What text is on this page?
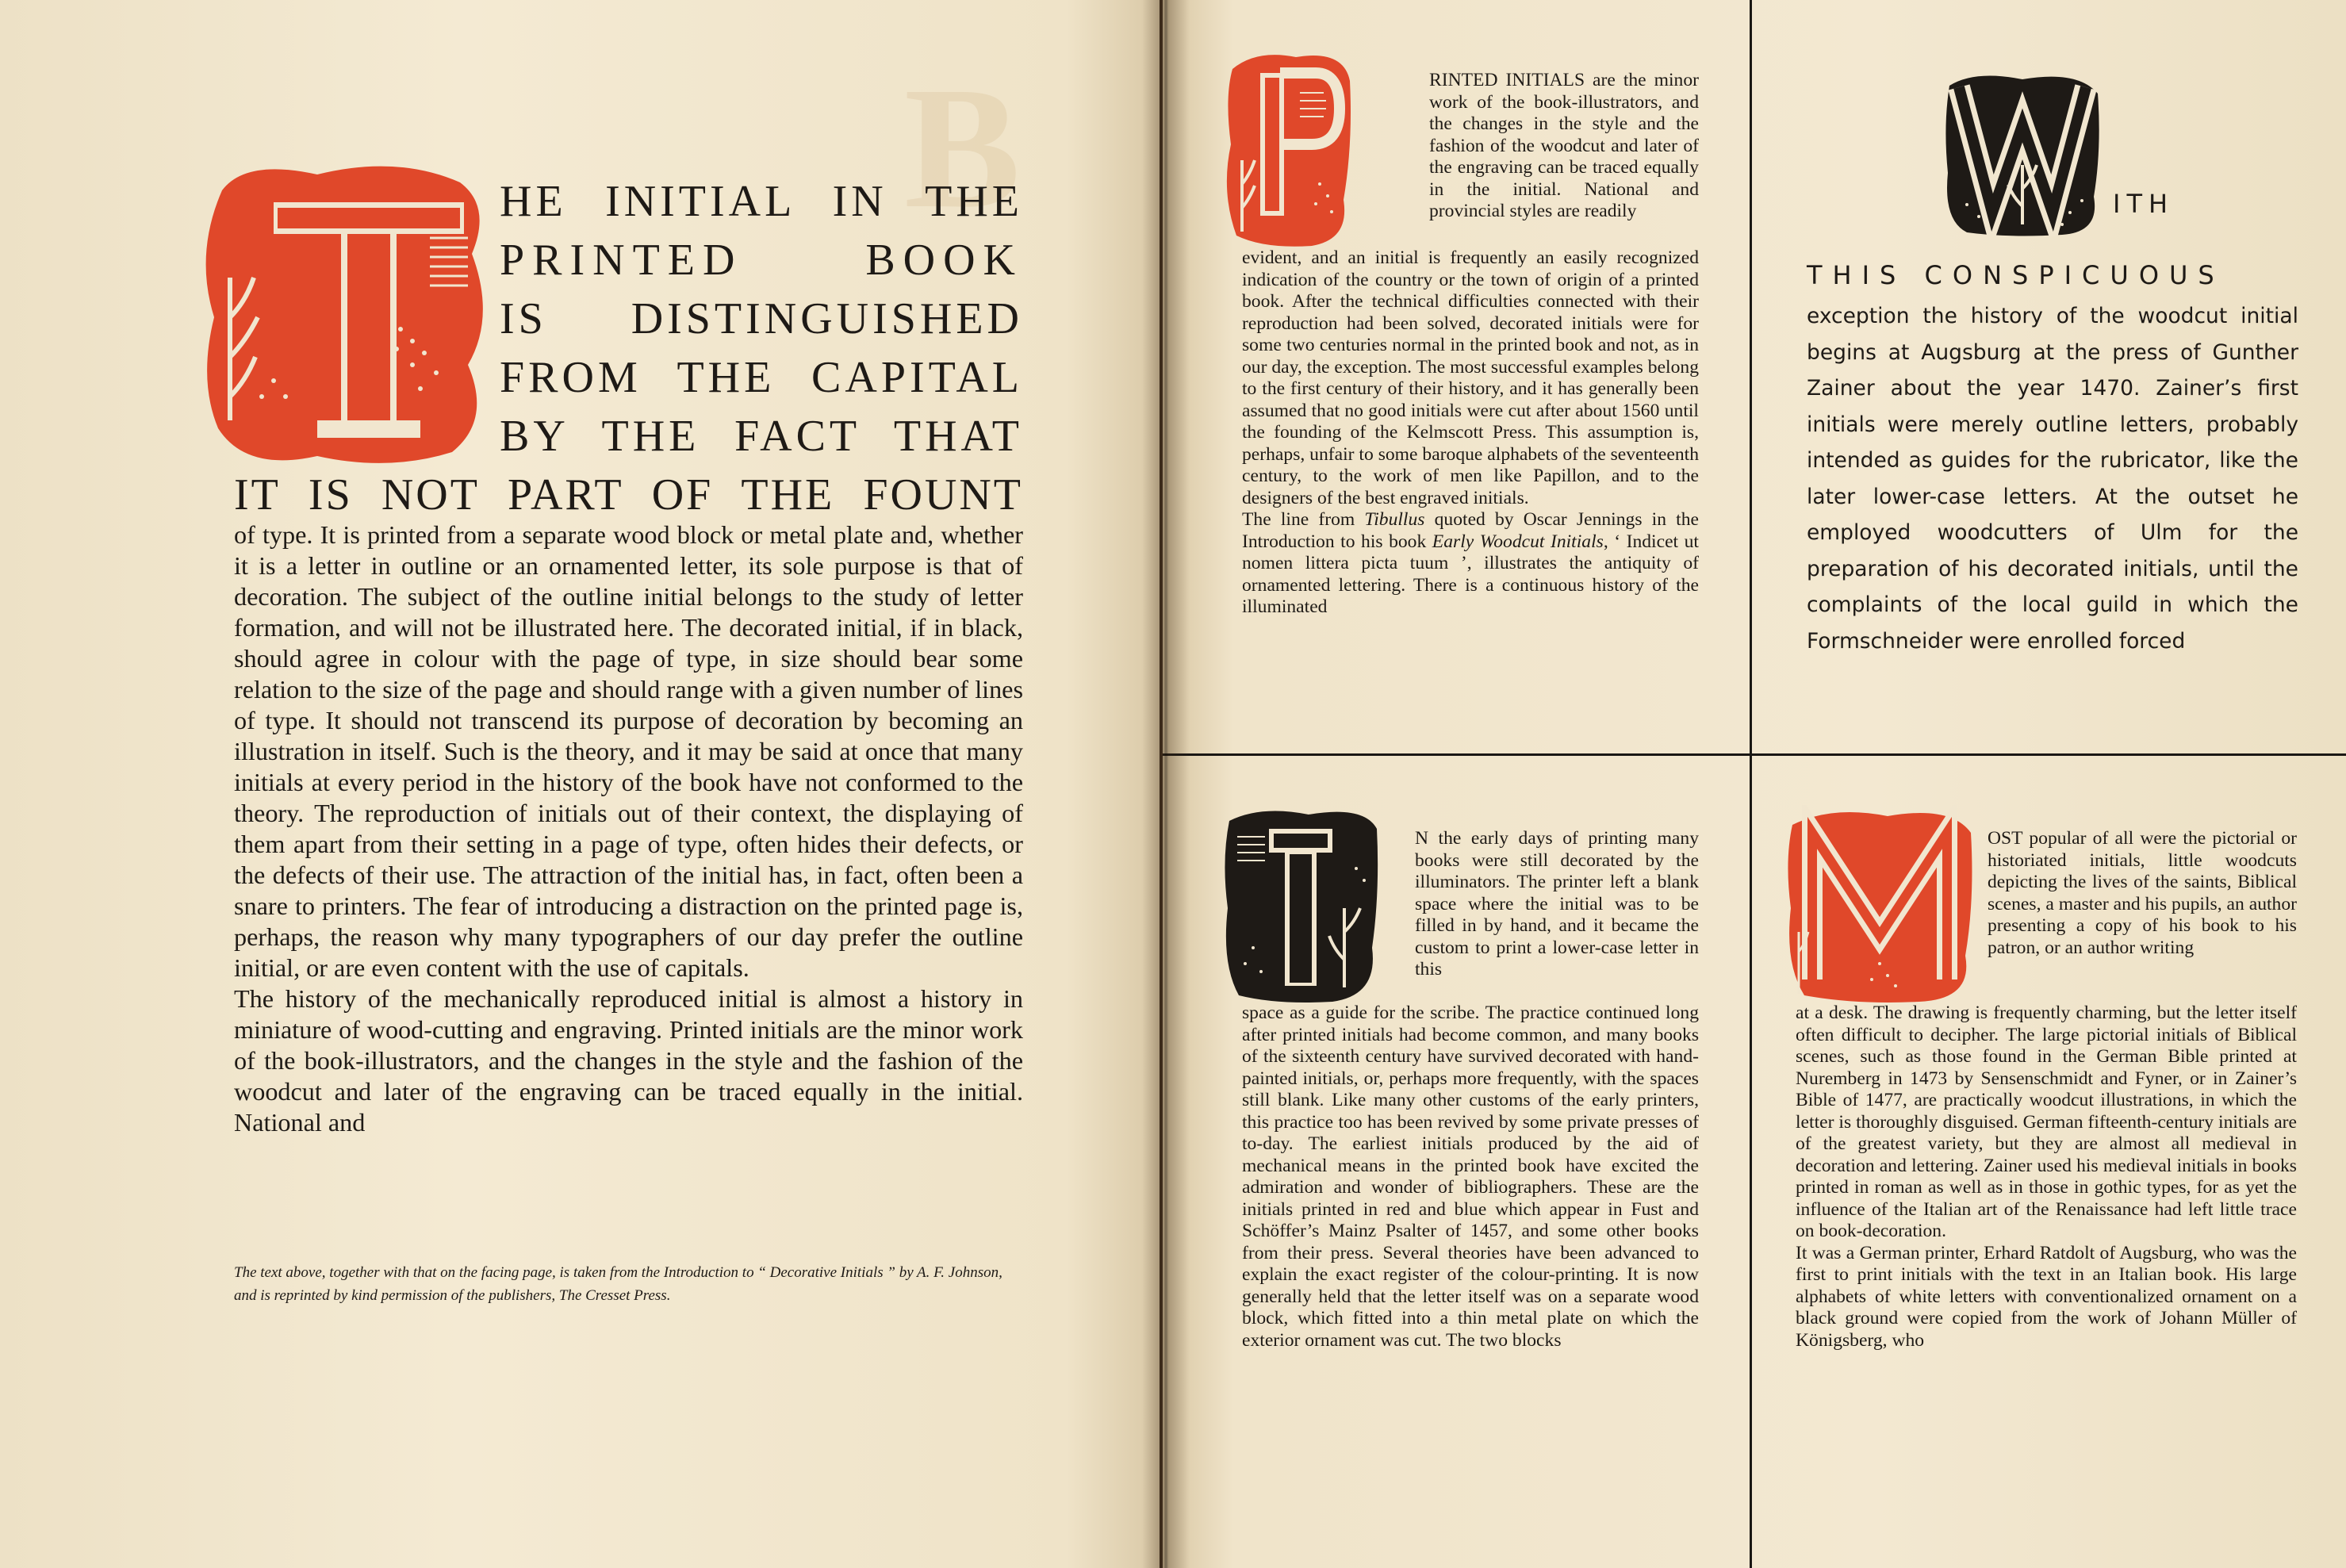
B
HE INITIAL IN THE
PRINTED BOOK
IS DISTINGUISHED
FROM THE CAPITAL
BY THE FACT THAT
IT IS NOT PART OF THE FOUNT

of type. It is printed from a separate wood block or metal plate and, whether it is a letter in outline or an ornamented letter, its sole purpose is that of decoration. The subject of the outline initial belongs to the study of letter formation, and will not be illustrated here. The decorated initial, if in black, should agree in colour with the page of type, in size should bear some relation to the size of the page and should range with a given number of lines of type. It should not transcend its purpose of decoration by becoming an illustration in itself. Such is the theory, and it may be said at once that many initials at every period in the history of the book have not conformed to the theory. The reproduction of initials out of their context, the displaying of them apart from their setting in a page of type, often hides their defects, or the defects of their use. The attraction of the initial has, in fact, often been a snare to printers. The fear of introducing a distraction on the printed page is, perhaps, the reason why many typographers of our day prefer the outline initial, or are even content with the use of capitals.

The history of the mechanically reproduced initial is almost a history in miniature of wood-cutting and engraving. Printed initials are the minor work of the book-illustrators, and the changes in the style and the fashion of the woodcut and later of the engraving can be traced equally in the initial. National and

The text above, together with that on the facing page, is taken from the Introduction to “ Decorative Initials ” by A. F. Johnson, and is reprinted by kind permission of the publishers, The Cresset Press.

RINTED INITIALS are the minor work of the book-illustrators, and the changes in the style and the fashion of the woodcut and later of the engraving can be traced equally in the initial. National and provincial styles are readily

evident, and an initial is frequently an easily recognized indication of the country or the town of origin of a printed book. After the technical difficulties connected with their reproduction had been solved, decorated initials were for some two centuries normal in the printed book and not, as in our day, the exception. The most successful examples belong to the first century of their history, and it has generally been assumed that no good initials were cut after about 1560 until the founding of the Kelmscott Press. This assumption is, perhaps, unfair to some baroque alphabets of the seventeenth century, to the work of men like Papillon, and to the designers of the best engraved initials.

The line from Tibullus quoted by Oscar Jennings in the Introduction to his book Early Woodcut Initials, ‘ Indicet ut nomen littera picta tuum ’, illustrates the antiquity of ornamented lettering. There is a continuous history of the illuminated

ITH
THIS CONSPICUOUS
exception the history of the woodcut initial begins at Augsburg at the press of Gunther Zainer about the year 1470. Zainer’s first initials were merely outline letters, probably intended as guides for the rubricator, like the later lower-case letters. At the outset he employed woodcutters of Ulm for the preparation of his decorated initials, until the complaints of the local guild in which the Formschneider were enrolled forced

N the early days of printing many books were still decorated by the illuminators. The printer left a blank space where the initial was to be filled in by hand, and it became the custom to print a lower-case letter in this

space as a guide for the scribe. The practice continued long after printed initials had become common, and many books of the sixteenth century have survived decorated with hand-painted initials, or, perhaps more frequently, with the spaces still blank. Like many other customs of the early printers, this practice too has been revived by some private presses of to-day. The earliest initials produced by the aid of mechanical means in the printed book have excited the admiration and wonder of bibliographers. These are the initials printed in red and blue which appear in Fust and Schöffer’s Mainz Psalter of 1457, and some other books from their press. Several theories have been advanced to explain the exact register of the colour-printing. It is now generally held that the letter itself was on a separate wood block, which fitted into a thin metal plate on which the exterior ornament was cut. The two blocks

OST popular of all were the pictorial or historiated initials, little woodcuts depicting the lives of the saints, Biblical scenes, a master and his pupils, an author presenting a copy of his book to his patron, or an author writing

at a desk. The drawing is frequently charming, but the letter itself often difficult to decipher. The large pictorial initials of Biblical scenes, such as those found in the German Bible printed at Nuremberg in 1473 by Sensenschmidt and Fyner, or in Zainer’s Bible of 1477, are practically woodcut illustrations, in which the letter is thoroughly disguised. German fifteenth-century initials are of the greatest variety, but they are almost all medieval in decoration and lettering. Zainer used his medieval initials in books printed in roman as well as in those in gothic types, for as yet the influence of the Italian art of the Renaissance had left little trace on book-decoration.

It was a German printer, Erhard Ratdolt of Augsburg, who was the first to print initials with the text in an Italian book. His large alphabets of white letters with conventionalized ornament on a black ground were copied from the work of Johann Müller of Königsberg, who
